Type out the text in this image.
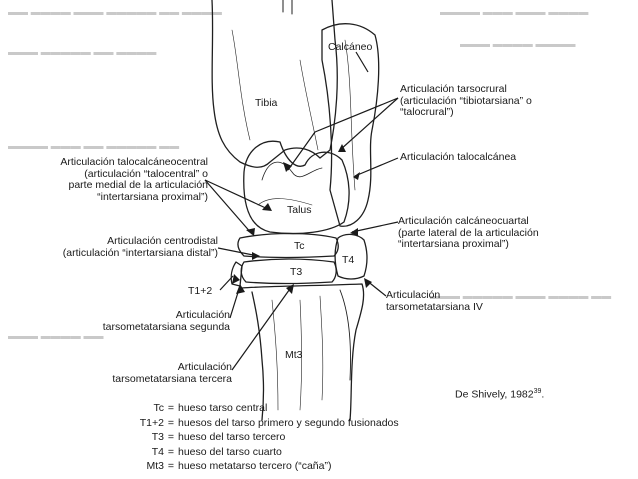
▬▬ ▬▬▬▬ ▬▬▬ ▬▬▬▬▬ ▬▬ ▬▬▬▬
▬▬▬ ▬▬▬▬▬ ▬▬ ▬▬▬▬
▬▬▬▬ ▬▬▬ ▬▬▬ ▬▬▬▬
▬▬▬ ▬▬▬▬ ▬▬▬▬
▬▬▬▬ ▬▬▬ ▬▬ ▬▬▬▬▬ ▬▬
▬▬▬ ▬▬▬▬▬ ▬▬▬ ▬▬▬▬ ▬▬
▬▬▬ ▬▬▬▬ ▬▬
Calcáneo
Tibia
Talus
Tc
T3
T4
T1+2
Mt3
Articulación tarsocrural
(articulación “tibiotarsiana” o
“talocrural”)
Articulación talocalcánea
Articulación talocalcáneocentral
(articulación “talocentral” o
parte medial de la articulación
“intertarsiana proximal”)
Articulación calcáneocuartal
(parte lateral de la articulación
“intertarsiana proximal”)
Articulación centrodistal
(articulación “intertarsiana distal”)
Articulación
tarsometatarsiana IV
Articulación
tarsometatarsiana segunda
Articulación
tarsometatarsiana tercera
De Shively, 1982$^{39}$.
Tc = hueso tarso central
T1+2 = huesos del tarso primero y segundo fusionados
T3 = hueso del tarso tercero
T4 = hueso del tarso cuarto
Mt3 = hueso metatarso tercero (“caña”)
